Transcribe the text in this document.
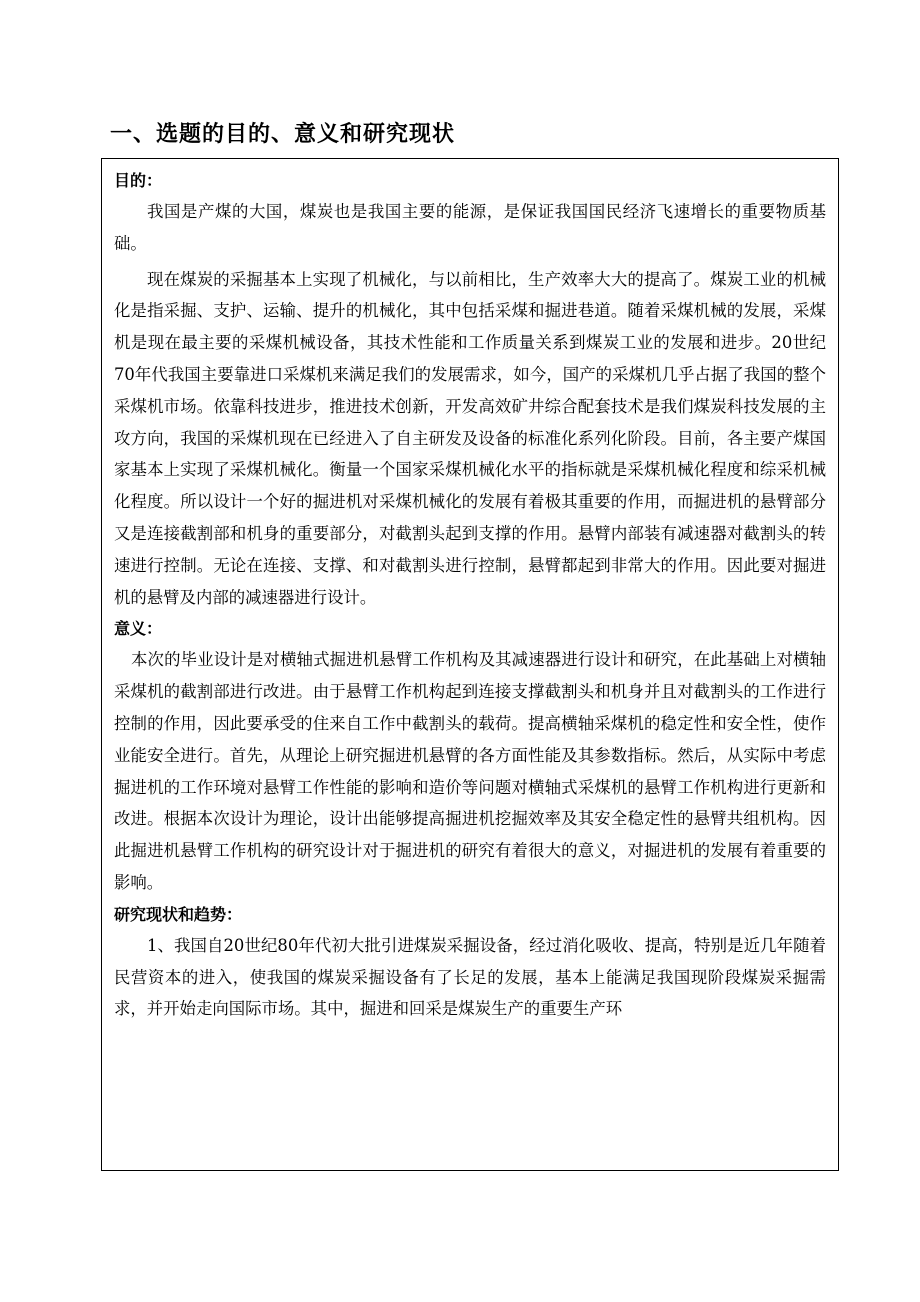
一、选题的目的、意义和研究现状

目的：

我国是产煤的大国，煤炭也是我国主要的能源，是保证我国国民经济飞速增长的重要物质基础。

现在煤炭的采掘基本上实现了机械化，与以前相比，生产效率大大的提高了。煤炭工业的机械化是指采掘、支护、运输、提升的机械化，其中包括采煤和掘进巷道。随着采煤机械的发展，采煤机是现在最主要的采煤机械设备，其技术性能和工作质量关系到煤炭工业的发展和进步。20世纪70年代我国主要靠进口采煤机来满足我们的发展需求，如今，国产的采煤机几乎占据了我国的整个采煤机市场。依靠科技进步，推进技术创新，开发高效矿井综合配套技术是我们煤炭科技发展的主攻方向，我国的采煤机现在已经进入了自主研发及设备的标准化系列化阶段。目前，各主要产煤国家基本上实现了采煤机械化。衡量一个国家采煤机械化水平的指标就是采煤机械化程度和综采机械化程度。所以设计一个好的掘进机对采煤机械化的发展有着极其重要的作用，而掘进机的悬臂部分又是连接截割部和机身的重要部分，对截割头起到支撑的作用。悬臂内部装有减速器对截割头的转速进行控制。无论在连接、支撑、和对截割头进行控制，悬臂都起到非常大的作用。因此要对掘进机的悬臂及内部的减速器进行设计。

意义：

本次的毕业设计是对横轴式掘进机悬臂工作机构及其减速器进行设计和研究，在此基础上对横轴采煤机的截割部进行改进。由于悬臂工作机构起到连接支撑截割头和机身并且对截割头的工作进行控制的作用，因此要承受的住来自工作中截割头的载荷。提高横轴采煤机的稳定性和安全性，使作业能安全进行。首先，从理论上研究掘进机悬臂的各方面性能及其参数指标。然后，从实际中考虑掘进机的工作环境对悬臂工作性能的影响和造价等问题对横轴式采煤机的悬臂工作机构进行更新和改进。根据本次设计为理论，设计出能够提高掘进机挖掘效率及其安全稳定性的悬臂共组机构。因此掘进机悬臂工作机构的研究设计对于掘进机的研究有着很大的意义，对掘进机的发展有着重要的影响。

研究现状和趋势：

1、我国自20世纪80年代初大批引进煤炭采掘设备，经过消化吸收、提高，特别是近几年随着民营资本的进入，使我国的煤炭采掘设备有了长足的发展，基本上能满足我国现阶段煤炭采掘需求，并开始走向国际市场。其中，掘进和回采是煤炭生产的重要生产环
